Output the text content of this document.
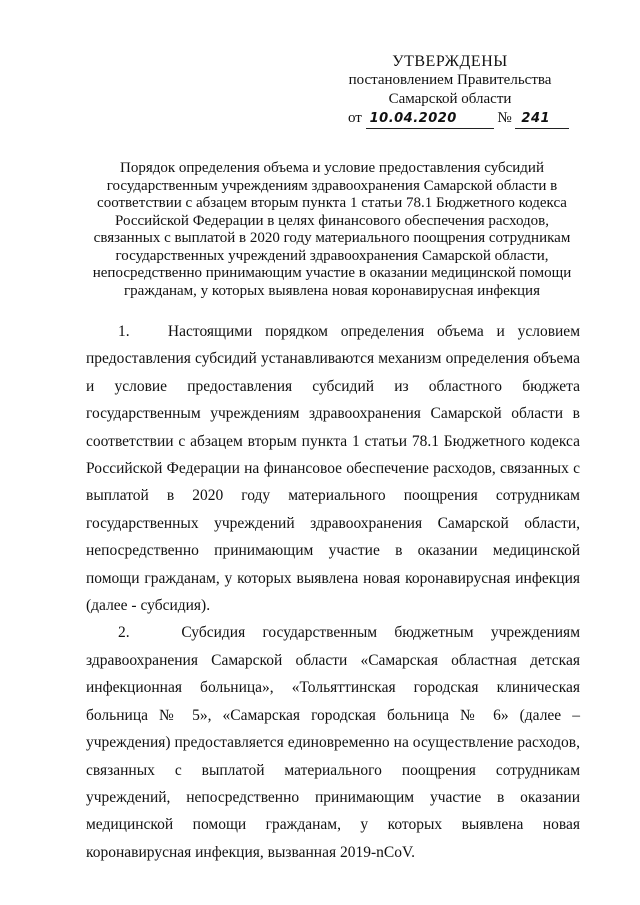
УТВЕРЖДЕНЫ
постановлением Правительства
Самарской области
от 10.04.2020	№ 241

Порядок определения объема и условие предоставления субсидий

государственным учреждениям здравоохранения Самарской области в

соответствии с абзацем вторым пункта 1 статьи 78.1 Бюджетного кодекса

Российской Федерации в целях финансового обеспечения расходов,

связанных с выплатой в 2020 году материального поощрения сотрудникам

государственных учреждений здравоохранения Самарской области,

непосредственно принимающим участие в оказании медицинской помощи

гражданам, у которых выявлена новая коронавирусная инфекция

1.   Настоящими порядком определения объема и условием предоставления субсидий устанавливаются механизм определения объема и условие предоставления субсидий из областного бюджета государственным учреждениям здравоохранения Самарской области в соответствии с абзацем вторым пункта 1 статьи 78.1 Бюджетного кодекса Российской Федерации на финансовое обеспечение расходов, связанных с выплатой в 2020 году материального поощрения сотрудникам государственных учреждений здравоохранения Самарской области, непосредственно принимающим участие в оказании медицинской помощи гражданам, у которых выявлена новая коронавирусная инфекция (далее - субсидия).

2.   Субсидия государственным бюджетным учреждениям здравоохранения Самарской области «Самарская областная детская инфекционная больница», «Тольяттинская городская клиническая больница № 5», «Самарская городская больница № 6» (далее – учреждения) предоставляется единовременно на осуществление расходов, связанных с выплатой материального поощрения сотрудникам учреждений, непосредственно принимающим участие в оказании медицинской помощи гражданам, у которых выявлена новая коронавирусная инфекция, вызванная 2019-nCoV.
